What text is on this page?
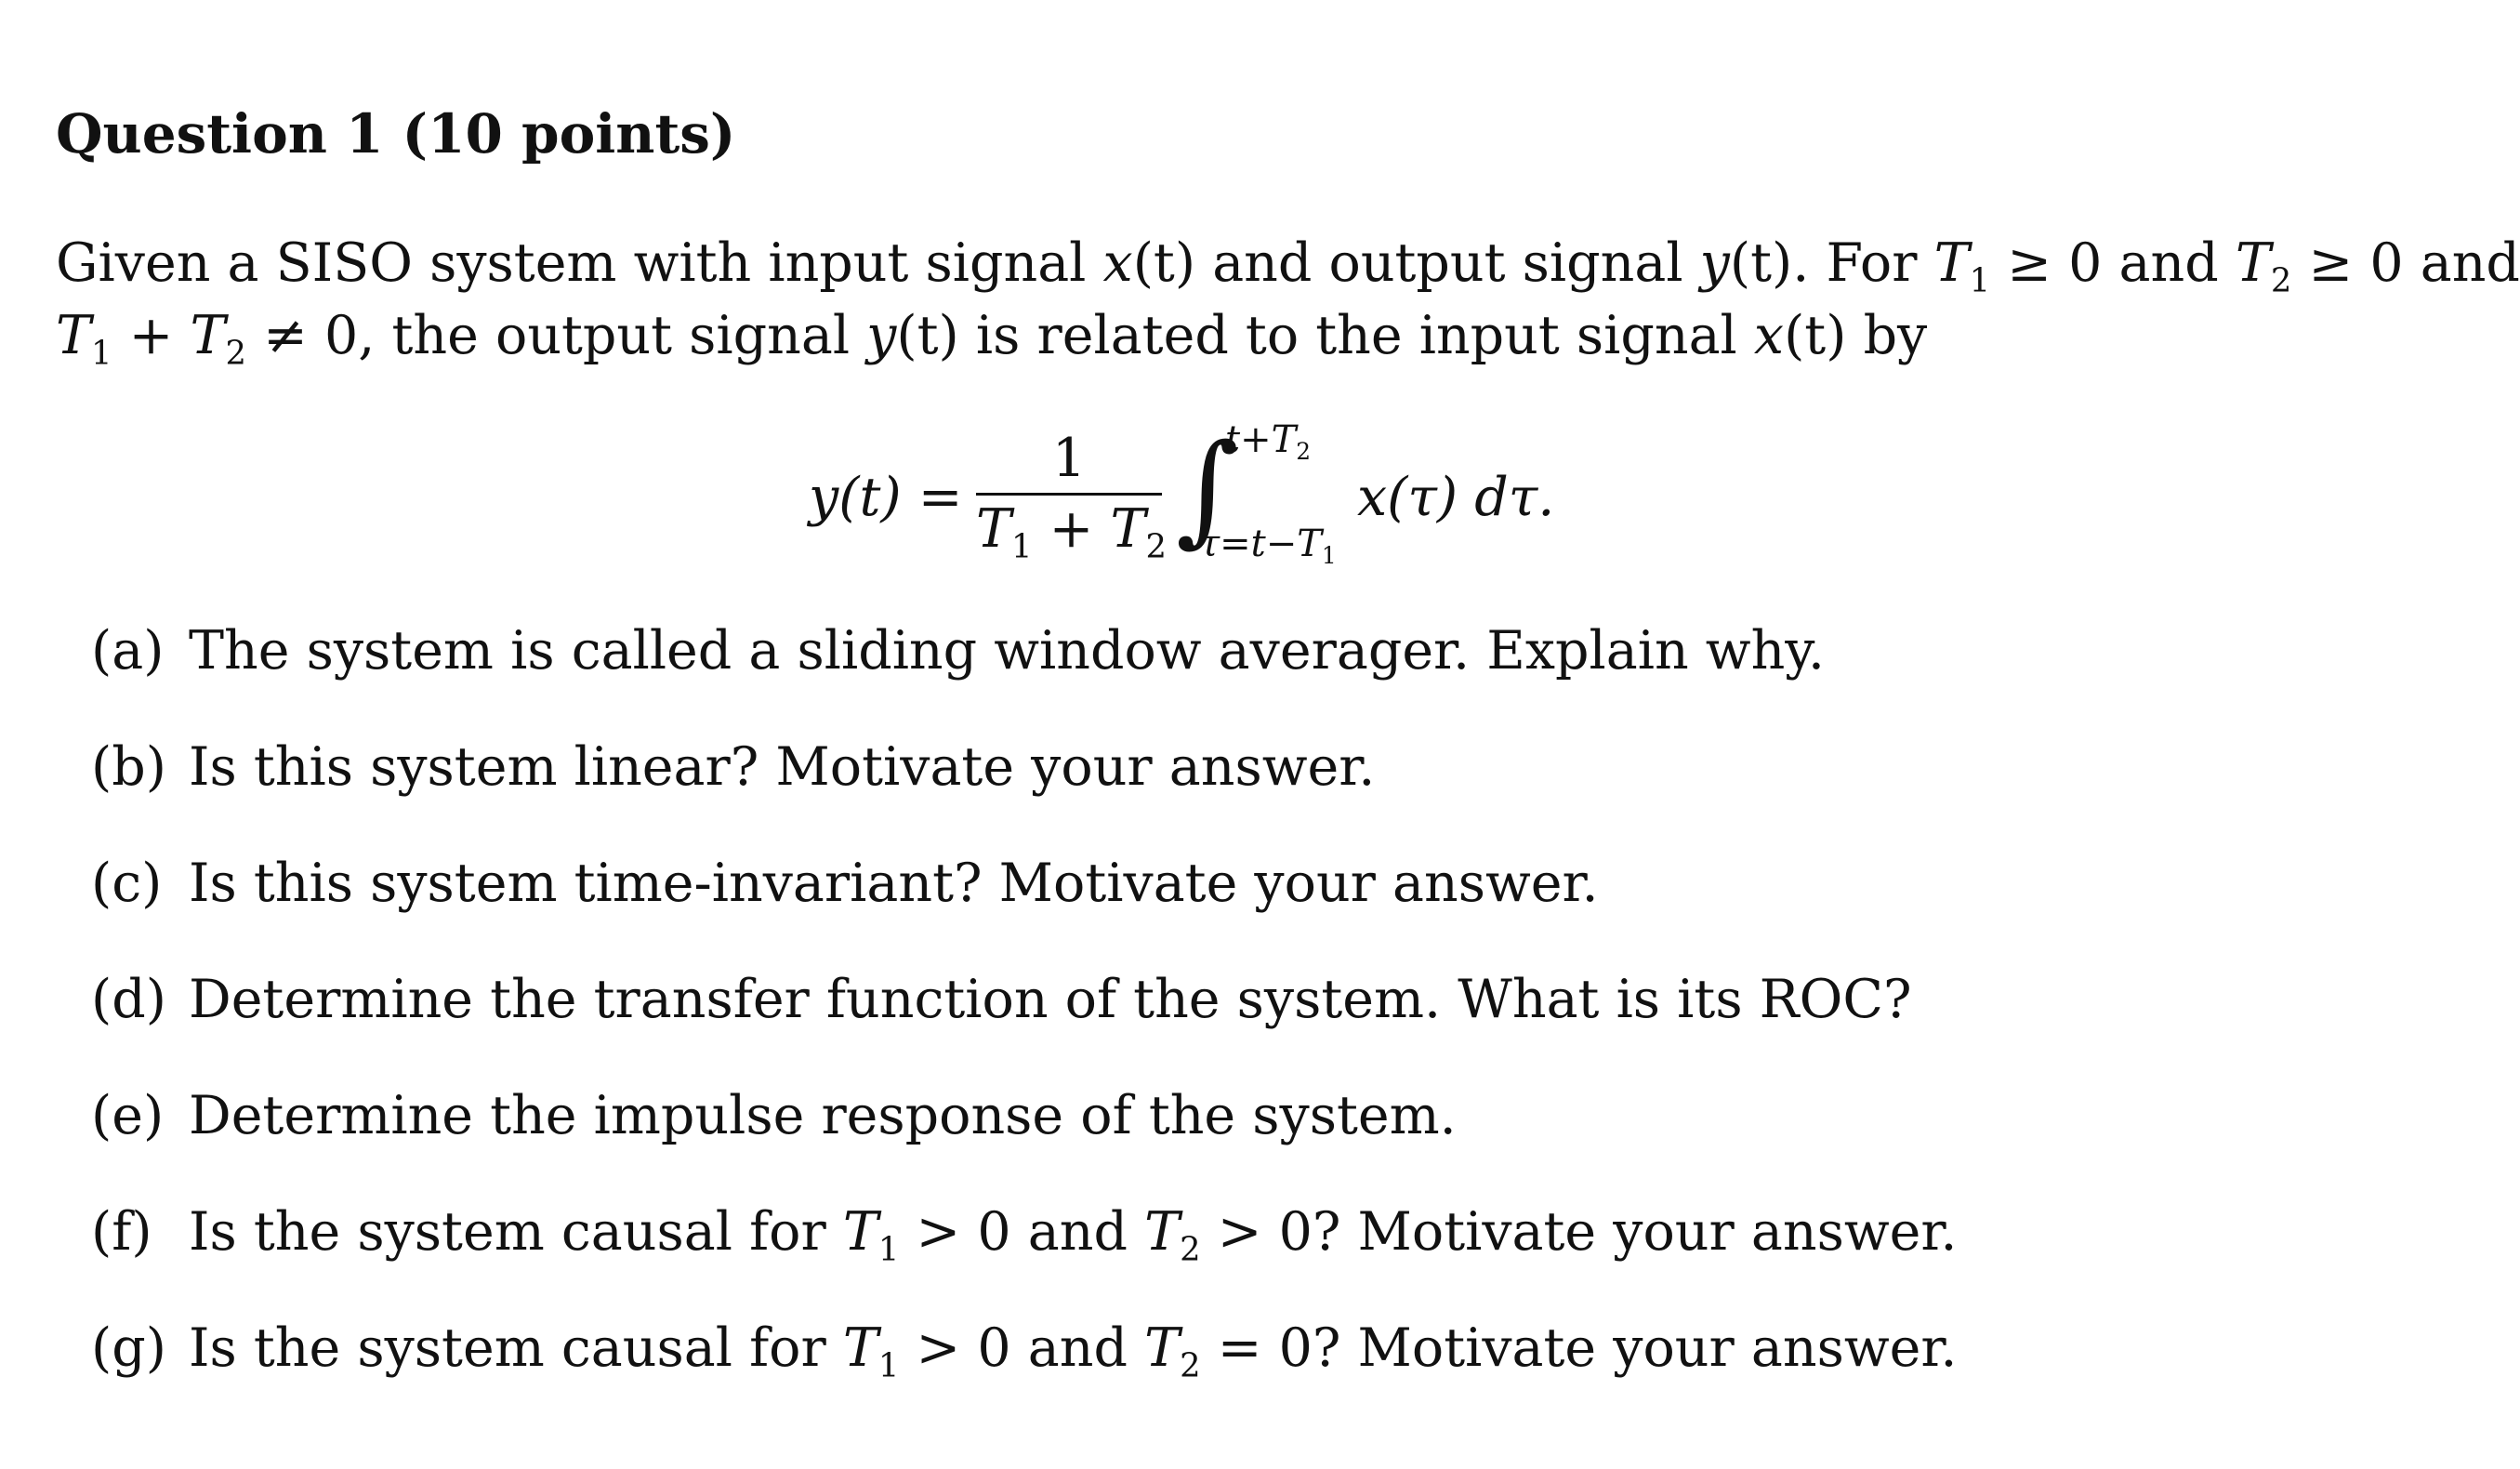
Question 1 (10 points)
Given a SISO system with input signal x(t) and output signal y(t). For $T_1 \ge 0$ and $T_2 \ge 0$ and
$T_1 + T_2 \ne 0$, the output signal y(t) is related to the input signal x(t) by
y(t) =
1
$T_1 + T_2$ ∫
$t+T_2$
$\tau=t-T_1$
x(τ) dτ.
(a) The system is called a sliding window averager. Explain why.
(b) Is this system linear? Motivate your answer.
(c) Is this system time-invariant? Motivate your answer.
(d) Determine the transfer function of the system. What is its ROC?
(e) Determine the impulse response of the system.
(f) Is the system causal for $T_1 > 0$ and $T_2 > 0$? Motivate your answer.
(g) Is the system causal for $T_1 > 0$ and $T_2 = 0$? Motivate your answer.
